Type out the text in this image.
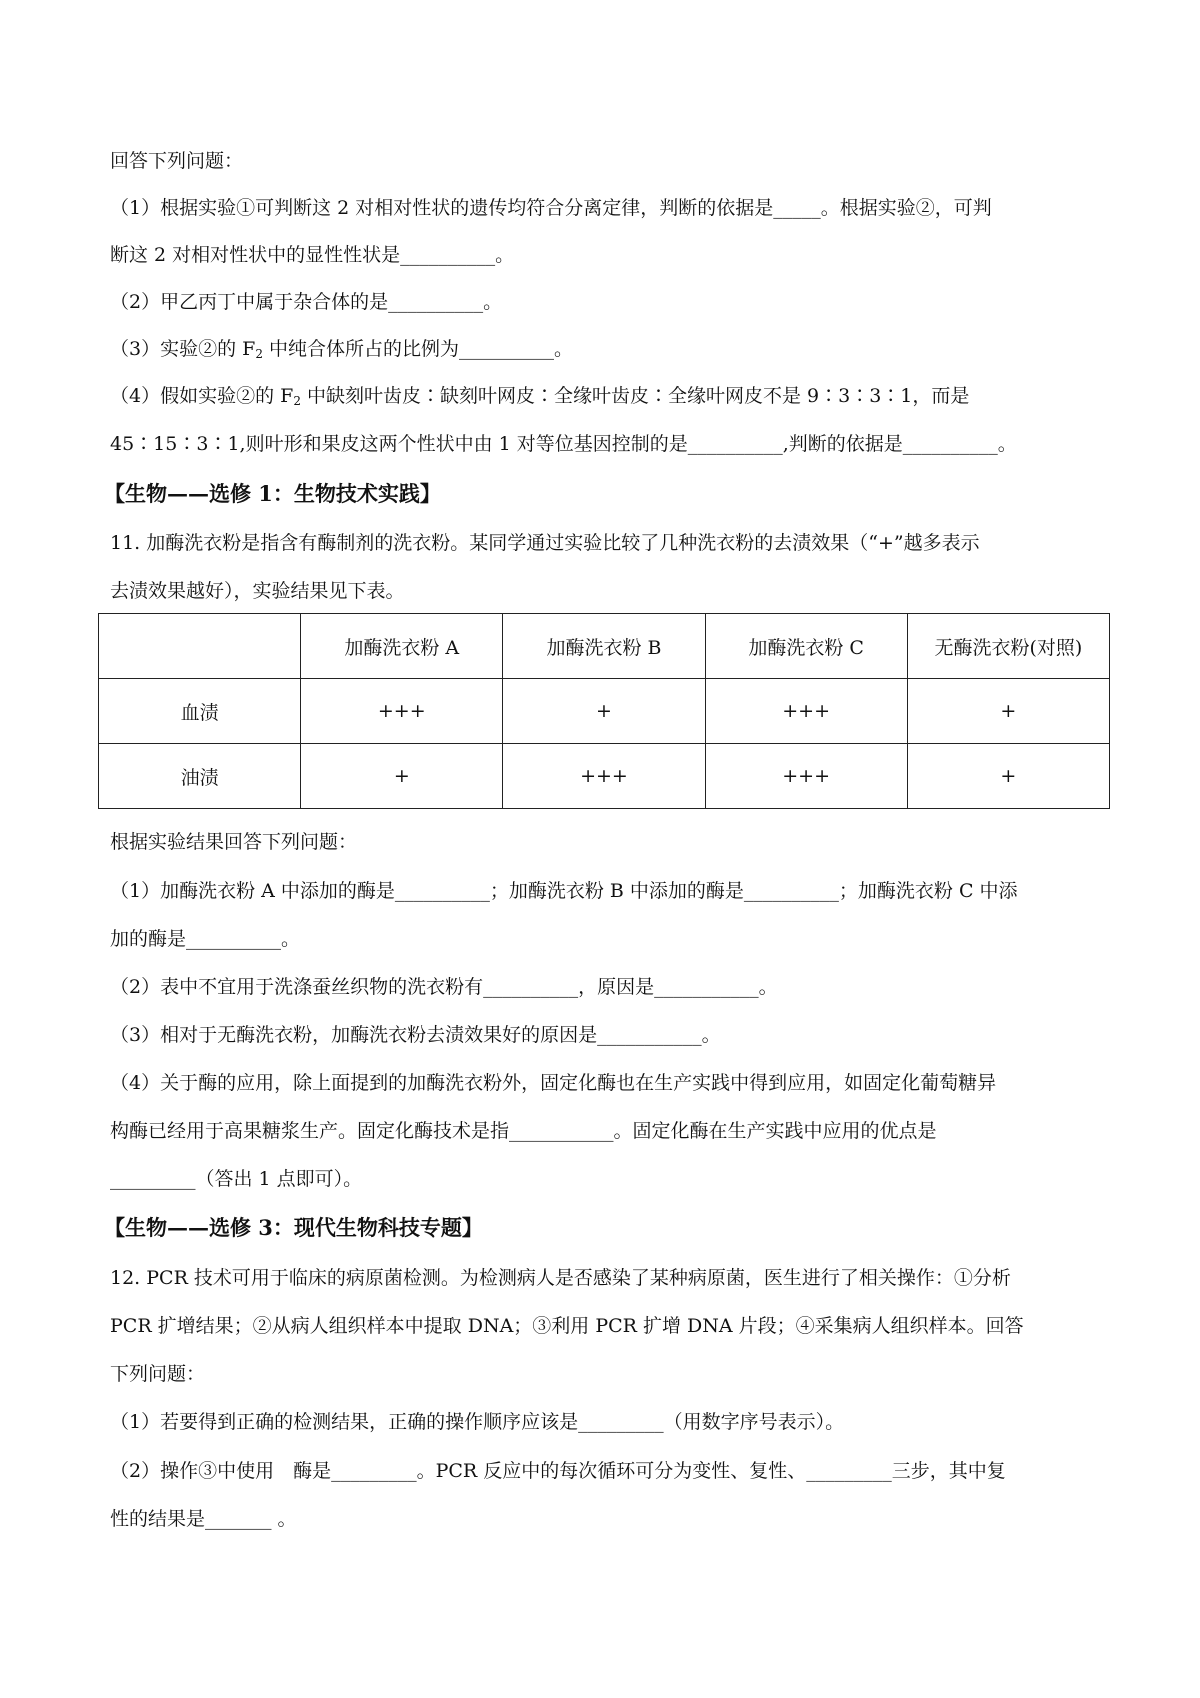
回答下列问题：
（1）根据实验①可判断这 2 对相对性状的遗传均符合分离定律，判断的依据是_____。根据实验②，可判
断这 2 对相对性状中的显性性状是__________。
（2）甲乙丙丁中属于杂合体的是__________。
（3）实验②的 $F_2$ 中纯合体所占的比例为__________。
（4）假如实验②的 $F_2$ 中缺刻叶齿皮∶缺刻叶网皮∶全缘叶齿皮∶全缘叶网皮不是 9∶3∶3∶1，而是
45∶15∶3∶1,则叶形和果皮这两个性状中由 1 对等位基因控制的是__________,判断的依据是__________。
【生物——选修 1：生物技术实践】
11. 加酶洗衣粉是指含有酶制剂的洗衣粉。某同学通过实验比较了几种洗衣粉的去渍效果（“+”越多表示
去渍效果越好），实验结果见下表。
	加酶洗衣粉 A	加酶洗衣粉 B	加酶洗衣粉 C	无酶洗衣粉(对照)
血渍	+++	+	+++	+
油渍	+	+++	+++	+
根据实验结果回答下列问题：
（1）加酶洗衣粉 A 中添加的酶是__________；加酶洗衣粉 B 中添加的酶是__________；加酶洗衣粉 C 中添
加的酶是__________。
（2）表中不宜用于洗涤蚕丝织物的洗衣粉有__________，原因是___________。
（3）相对于无酶洗衣粉，加酶洗衣粉去渍效果好的原因是___________。
（4）关于酶的应用，除上面提到的加酶洗衣粉外，固定化酶也在生产实践中得到应用，如固定化葡萄糖异
构酶已经用于高果糖浆生产。固定化酶技术是指___________。固定化酶在生产实践中应用的优点是
_________（答出 1 点即可）。
【生物——选修 3：现代生物科技专题】
12. PCR 技术可用于临床的病原菌检测。为检测病人是否感染了某种病原菌，医生进行了相关操作：①分析
PCR 扩增结果；②从病人组织样本中提取 DNA；③利用 PCR 扩增 DNA 片段；④采集病人组织样本。回答
下列问题：
（1）若要得到正确的检测结果，正确的操作顺序应该是_________（用数字序号表示）。
（2）操作③中使用　酶是_________。PCR 反应中的每次循环可分为变性、复性、_________三步，其中复
性的结果是_______ 。
